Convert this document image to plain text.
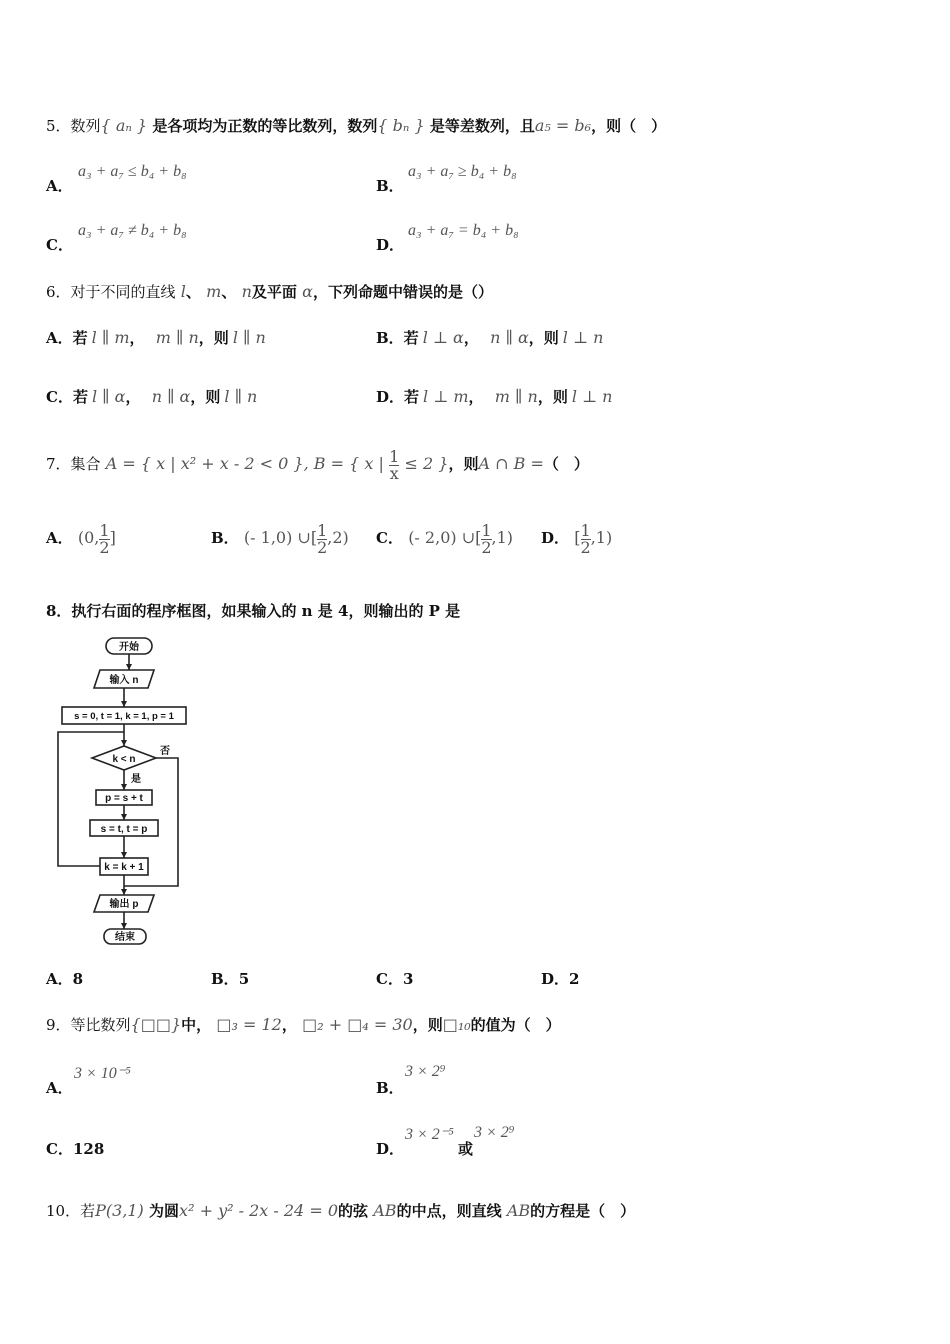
5．数列{ aₙ } 是各项均为正数的等比数列，数列{ bₙ } 是等差数列，且a₅ = b₆，则（　）
A．
a₃ + a₇ ≤ b₄ + b₈
B．
a₃ + a₇ ≥ b₄ + b₈
C．
a₃ + a₇ ≠ b₄ + b₈
D．
a₃ + a₇ = b₄ + b₈
6．对于不同的直线 l、 m、 n及平面 α，下列命题中错误的是（）
A．若 l ∥ m， m ∥ n，则 l ∥ n	B．若 l ⊥ α， n ∥ α，则 l ⊥ n
C．若 l ∥ α， n ∥ α，则 l ∥ n	D．若 l ⊥ m， m ∥ n，则 l ⊥ n
7．集合 A = { x | x² + x - 2 < 0 }, B = { x | $\frac{1}{x} \le 2$ }，则A ∩ B =（　）
A． (0, $\frac{1}{2}$ ]	B． (- 1,0) ∪[ $\frac{1}{2} ,2$) C． (- 2,0) ∪[ $\frac{1}{2} ,1$) D． [ $\frac{1}{2} ,1$)
8．执行右面的程序框图，如果输入的 n 是 4，则输出的 P 是
开始
输入 n
s = 0, t = 1, k = 1, p = 1
k < n
否
是
p = s + t
s = t, t = p
k = k + 1
输出 p
结束
A．8	B．5	C．3	D．2
9．等比数列{□□}中， □₃ = 12， □₂ + □₄ = 30，则□₁₀的值为（　）
A．
3 × 10⁻⁵
B．
3 × 2⁹
C．128	D．
3 × 2⁻⁵
或
3 × 2⁹
10．若P(3,1) 为圆x² + y² - 2x - 24 = 0的弦 AB的中点，则直线 AB的方程是（　）
